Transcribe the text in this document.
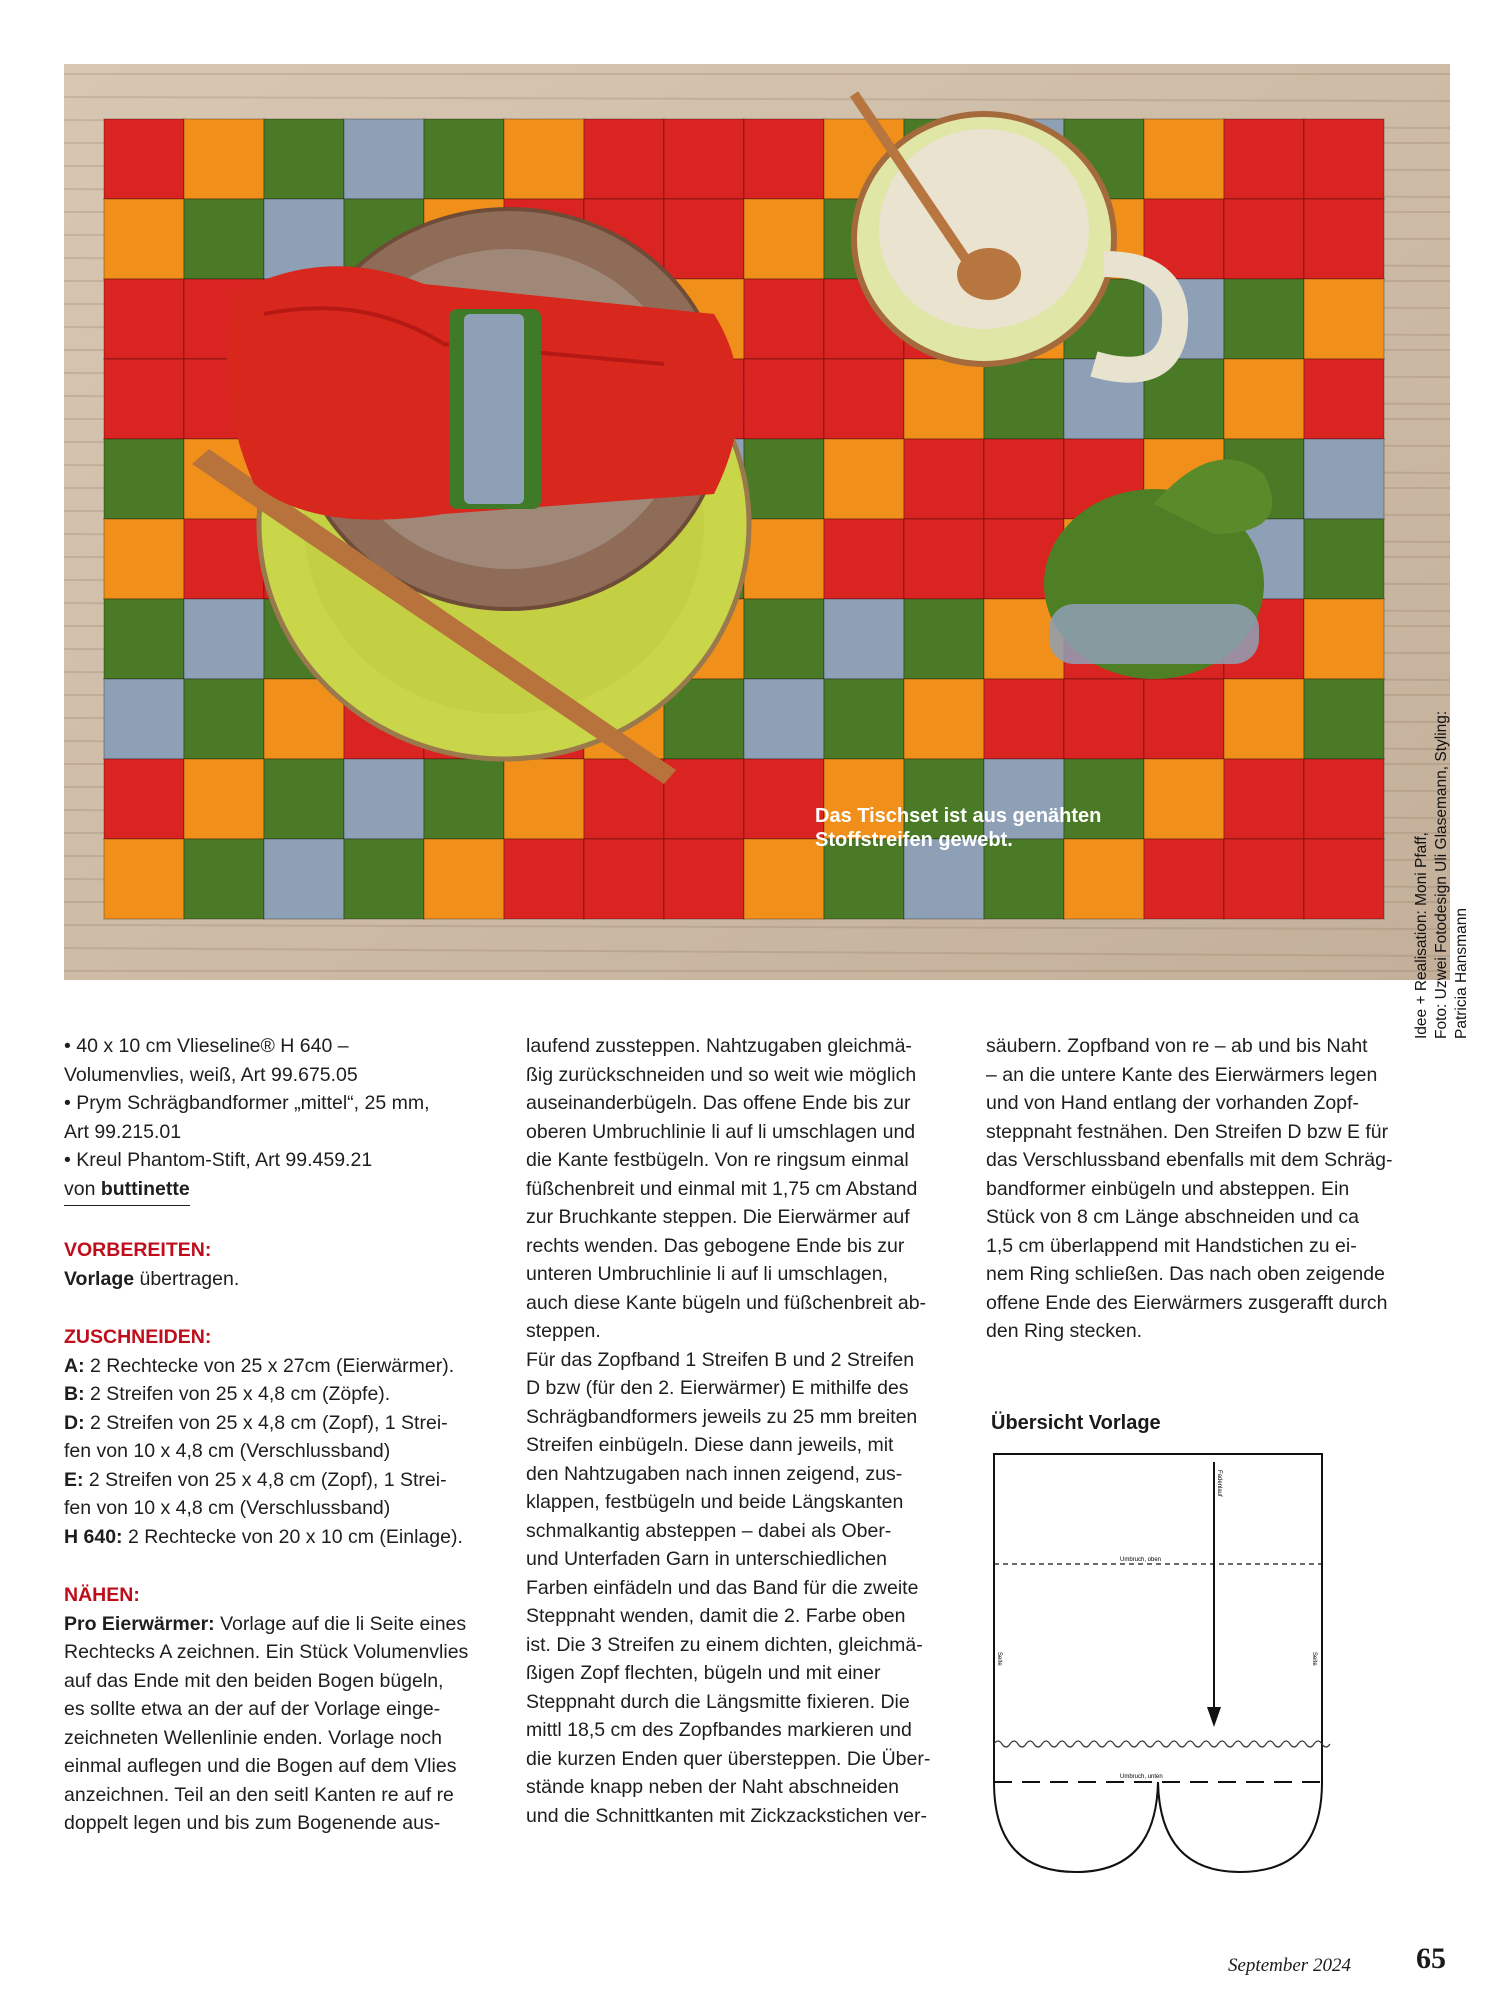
Das Tischset ist aus genähten
Stoffstreifen gewebt.	Idee + Realisation: Moni Pfaff, Foto: Uzwei Fotodesign Uli Glasemann, Styling: Patricia Hansmann

• 40 x 10 cm Vlieseline® H 640 –

Volumenvlies, weiß, Art 99.675.05

• Prym Schrägbandformer „mittel“, 25 mm,

Art 99.215.01

• Kreul Phantom-Stift, Art 99.459.21

von buttinette

VORBEREITEN:

Vorlage übertragen.

ZUSCHNEIDEN:

A: 2 Rechtecke von 25 x 27cm (Eierwärmer).

B: 2 Streifen von 25 x 4,8 cm (Zöpfe).

D: 2 Streifen von 25 x 4,8 cm (Zopf), 1 Strei-

fen von 10 x 4,8 cm (Verschlussband)

E: 2 Streifen von 25 x 4,8 cm (Zopf), 1 Strei-

fen von 10 x 4,8 cm (Verschlussband)

H 640: 2 Rechtecke von 20 x 10 cm (Einlage).

NÄHEN:

Pro Eierwärmer: Vorlage auf die li Seite eines

Rechtecks A zeichnen. Ein Stück Volumenvlies

auf das Ende mit den beiden Bogen bügeln,

es sollte etwa an der auf der Vorlage einge-

zeichneten Wellenlinie enden. Vorlage noch

einmal auflegen und die Bogen auf dem Vlies

anzeichnen. Teil an den seitl Kanten re auf re

doppelt legen und bis zum Bogenende aus-

laufend zussteppen. Nahtzugaben gleichmä-

ßig zurückschneiden und so weit wie möglich

auseinanderbügeln. Das offene Ende bis zur

oberen Umbruchlinie li auf li umschlagen und

die Kante festbügeln. Von re ringsum einmal

füßchenbreit und einmal mit 1,75 cm Abstand

zur Bruchkante steppen. Die Eierwärmer auf

rechts wenden. Das gebogene Ende bis zur

unteren Umbruchlinie li auf li umschlagen,

auch diese Kante bügeln und füßchenbreit ab-

steppen.

Für das Zopfband 1 Streifen B und 2 Streifen

D bzw (für den 2. Eierwärmer) E mithilfe des

Schrägbandformers jeweils zu 25 mm breiten

Streifen einbügeln. Diese dann jeweils, mit

den Nahtzugaben nach innen zeigend, zus-

klappen, festbügeln und beide Längskanten

schmalkantig absteppen – dabei als Ober-

und Unterfaden Garn in unterschiedlichen

Farben einfädeln und das Band für die zweite

Steppnaht wenden, damit die 2. Farbe oben

ist. Die 3 Streifen zu einem dichten, gleichmä-

ßigen Zopf flechten, bügeln und mit einer

Steppnaht durch die Längsmitte fixieren. Die

mittl 18,5 cm des Zopfbandes markieren und

die kurzen Enden quer übersteppen. Die Über-

stände knapp neben der Naht abschneiden

und die Schnittkanten mit Zickzackstichen ver-

säubern. Zopfband von re – ab und bis Naht

– an die untere Kante des Eierwärmers legen

und von Hand entlang der vorhanden Zopf-

steppnaht festnähen. Den Streifen D bzw E für

das Verschlussband ebenfalls mit dem Schräg-

bandformer einbügeln und absteppen. Ein

Stück von 8 cm Länge abschneiden und ca

1,5 cm überlappend mit Handstichen zu ei-

nem Ring schließen. Das nach oben zeigende

offene Ende des Eierwärmers zusgerafft durch

den Ring stecken.

Übersicht Vorlage
Fadenlauf
Umbruch, oben
Umbruch, unten
Seite	Seite
September 2024 65
